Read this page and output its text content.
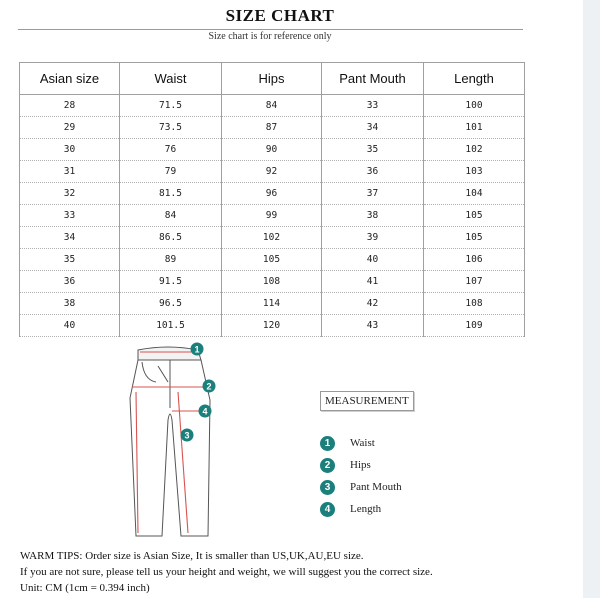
SIZE CHART
Size chart is for reference only
Asian size	Waist	Hips	Pant Mouth	Length
28	71.5	84	33	100
29	73.5	87	34	101
30	76	90	35	102
31	79	92	36	103
32	81.5	96	37	104
33	84	99	38	105
34	86.5	102	39	105
35	89	105	40	106
36	91.5	108	41	107
38	96.5	114	42	108
40	101.5	120	43	109
1
2
3
4
MEASUREMENT
1	Waist
2	Hips
3	Pant Mouth
4	Length
WARM TIPS: Order size is Asian Size, It is smaller than US,UK,AU,EU size.
If you are not sure, please tell us your height and weight, we will suggest you the correct size.
Unit: CM (1cm = 0.394 inch)
